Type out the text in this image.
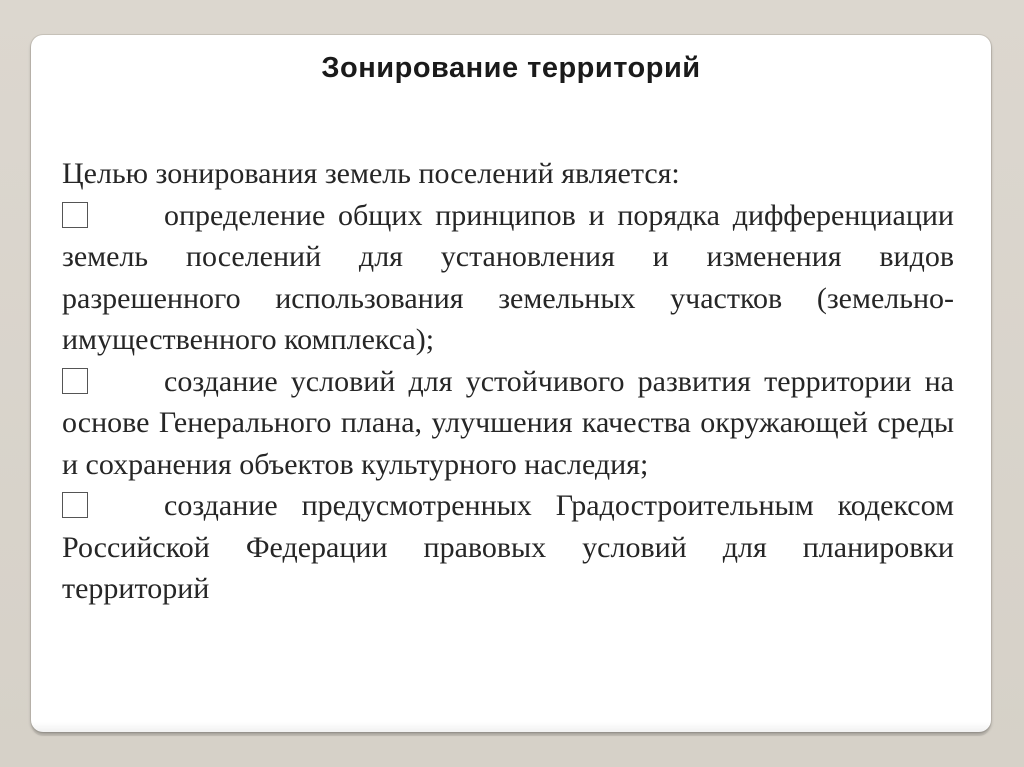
Зонирование территорий

Целью зонирования земель поселений является:

определение общих принципов и порядка дифференциации земель поселений для установления и изменения видов разрешенного использования земельных участков (земельно-имущественного комплекса);

создание условий для устойчивого развития территории на основе Генерального плана, улучшения качества окружающей среды и сохранения объектов культурного наследия;

создание предусмотренных Градостроительным кодексом Российской Федерации правовых условий для планировки территорий
